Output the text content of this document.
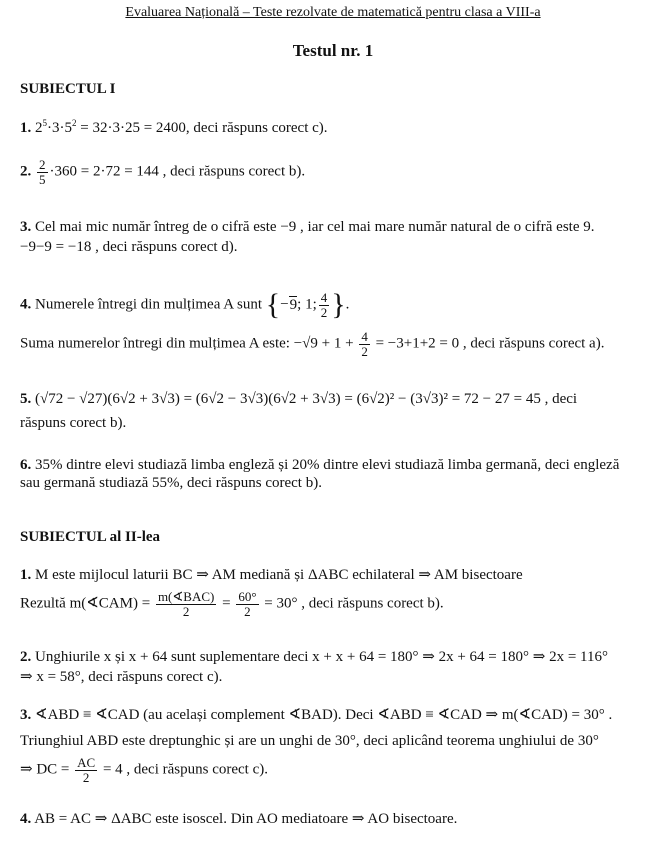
Evaluarea Națională – Teste rezolvate de matematică pentru clasa a VIII-a
Testul nr. 1
SUBIECTUL I
1. $2^5\cdot 3\cdot 5^2 = 32\cdot 3\cdot 25 = 2400$, deci răspuns corect c).
2. $\frac{2}{5} \cdot 360 = 2\cdot 72 = 144$ , deci răspuns corect b).
3. Cel mai mic număr întreg de o cifră este −9 , iar cel mai mare număr natural de o cifră este 9.
−9−9 = −18 , deci răspuns corect d).
4. Numerele întregi din mulțimea A sunt {−9; 1; $\frac{4}{2}$ }.
Suma numerelor întregi din mulțimea A este: $-√9 + 1 + \frac{4}{2} = -3+1+2 = 0$ , deci răspuns corect a).
5. (√72 − √27)(6√2 + 3√3) = (6√2 − 3√3)(6√2 + 3√3) = (6√2)² − (3√3)² = 72 − 27 = 45 , deci
răspuns corect b).
6. 35% dintre elevi studiază limba engleză și 20% dintre elevi studiază limba germană, deci engleză
sau germană studiază 55%, deci răspuns corect b).
SUBIECTUL al II-lea
1. M este mijlocul laturii BC ⇒ AM mediană și ΔABC echilateral ⇒ AM bisectoare
Rezultă m(∢CAM) = $\frac{\text{m(∢BAC)}}{2} = \frac{60^\circ}{2} = 30^\circ$ , deci răspuns corect b).
2. Unghiurile x și x + 64 sunt suplementare deci x + x + 64 = 180° ⇒ 2x + 64 = 180° ⇒ 2x = 116°
⇒ x = 58°, deci răspuns corect c).
3. ∢ABD ≡ ∢CAD (au același complement ∢BAD). Deci ∢ABD ≡ ∢CAD ⇒ m(∢CAD) = 30° .
Triunghiul ABD este dreptunghic și are un unghi de 30°, deci aplicând teorema unghiului de 30°
⇒ DC = $\frac{AC}{2} = 4$ , deci răspuns corect c).
4. AB = AC ⇒ ΔABC este isoscel. Din AO mediatoare ⇒ AO bisectoare.
